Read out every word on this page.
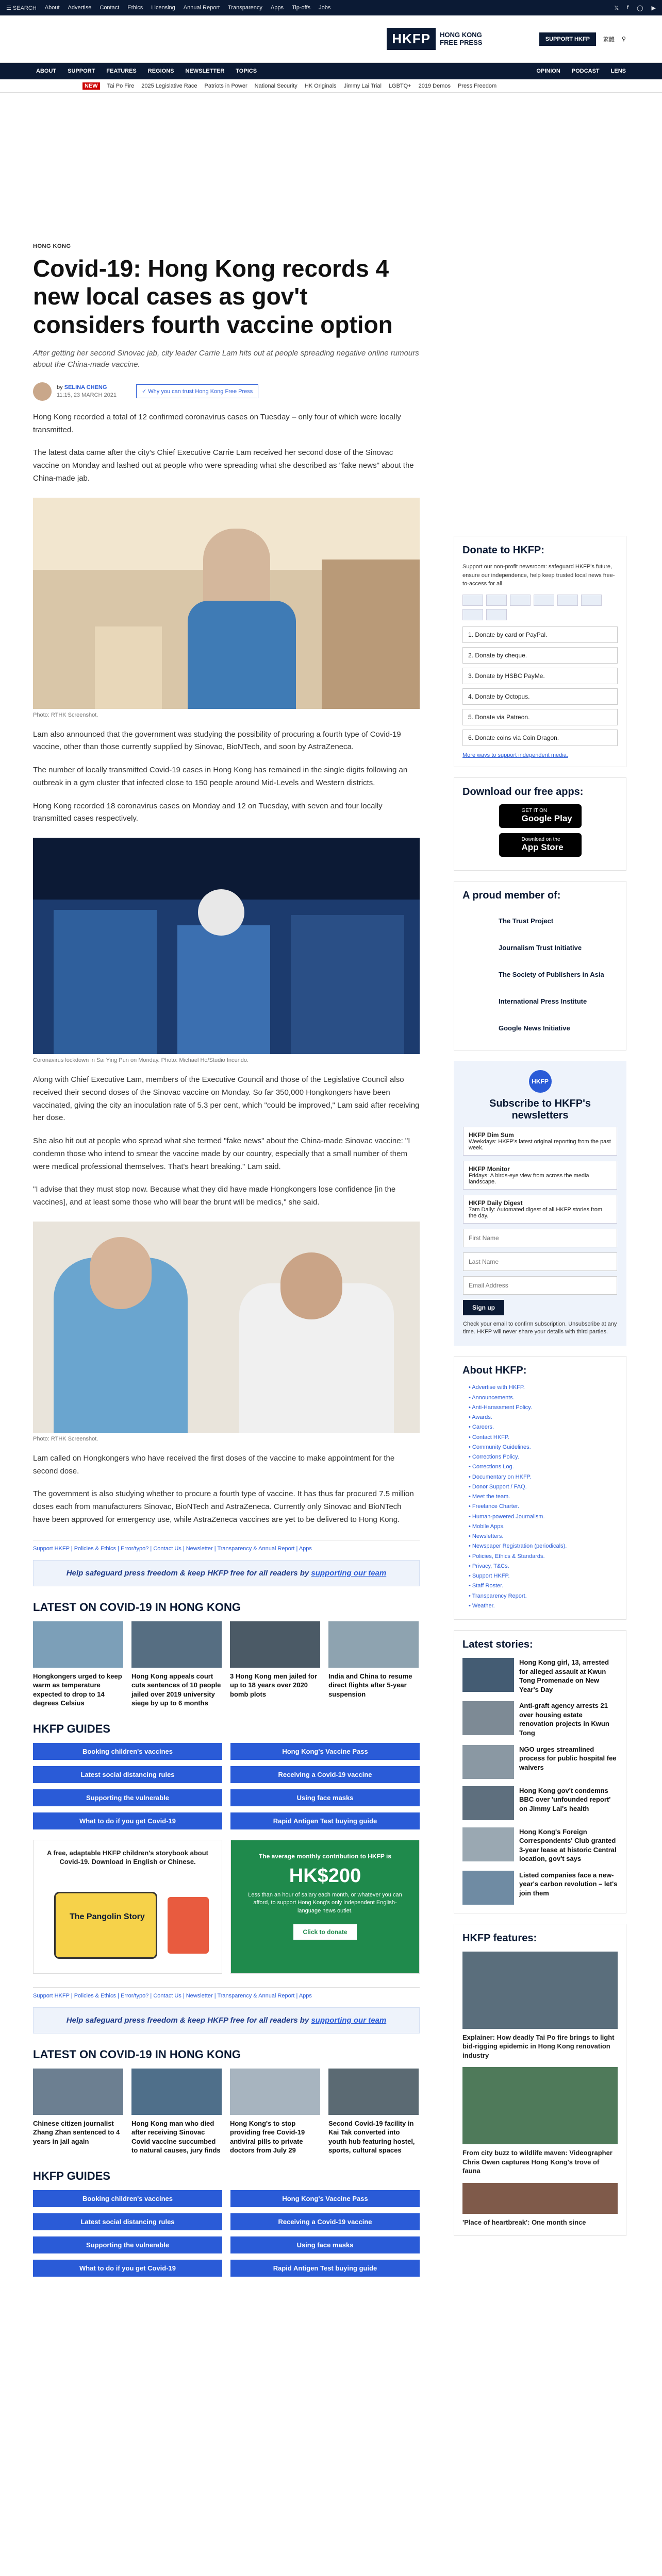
☰ SEARCH About Advertise Contact Ethics Licensing Annual Report Transparency Apps Tip-offs Jobs	𝕏 f ◯ ▶
HKFP	HONG KONG
FREE PRESS	SUPPORT HKFP	繁體 ⚲
ABOUT SUPPORT FEATURES REGIONS NEWSLETTER TOPICS	OPINION PODCAST LENS
NEW	Tai Po Fire 2025 Legislative Race Patriots in Power National Security HK Originals Jimmy Lai Trial LGBTQ+ 2019 Demos Press Freedom
HONG KONG
Covid-19: Hong Kong records 4 new local cases as gov't considers fourth vaccine option
After getting her second Sinovac jab, city leader Carrie Lam hits out at people spreading negative online rumours about the China-made vaccine.
by SELINA CHENG
11:15, 23 MARCH 2021
✓ Why you can trust Hong Kong Free Press

Hong Kong recorded a total of 12 confirmed coronavirus cases on Tuesday – only four of which were locally transmitted.

The latest data came after the city's Chief Executive Carrie Lam received her second dose of the Sinovac vaccine on Monday and lashed out at people who were spreading what she described as "fake news" about the China-made jab.

Photo: RTHK Screenshot.

Lam also announced that the government was studying the possibility of procuring a fourth type of Covid-19 vaccine, other than those currently supplied by Sinovac, BioNTech, and soon by AstraZeneca.

The number of locally transmitted Covid-19 cases in Hong Kong has remained in the single digits following an outbreak in a gym cluster that infected close to 150 people around Mid-Levels and Western districts.

Hong Kong recorded 18 coronavirus cases on Monday and 12 on Tuesday, with seven and four locally transmitted cases respectively.

Coronavirus lockdown in Sai Ying Pun on Monday. Photo: Michael Ho/Studio Incendo.

Along with Chief Executive Lam, members of the Executive Council and those of the Legislative Council also received their second doses of the Sinovac vaccine on Monday. So far 350,000 Hongkongers have been vaccinated, giving the city an inoculation rate of 5.3 per cent, which "could be improved," Lam said after receiving her dose.

She also hit out at people who spread what she termed "fake news" about the China-made Sinovac vaccine: "I condemn those who intend to smear the vaccine made by our country, especially that a small number of them were medical professional themselves. That's heart breaking." Lam said.

"I advise that they must stop now. Because what they did have made Hongkongers lose confidence [in the vaccines], and at least some those who will bear the brunt will be medics," she said.

Photo: RTHK Screenshot.

Lam called on Hongkongers who have received the first doses of the vaccine to make appointment for the second dose.

The government is also studying whether to procure a fourth type of vaccine. It has thus far procured 7.5 million doses each from manufacturers Sinovac, BioNTech and AstraZeneca. Currently only Sinovac and BioNTech have been approved for emergency use, while AstraZeneca vaccines are yet to be delivered to Hong Kong.

Support HKFP | Policies & Ethics | Error/typo? | Contact Us | Newsletter | Transparency & Annual Report | Apps
Help safeguard press freedom & keep HKFP free for all readers by supporting our team
LATEST ON COVID-19 IN HONG KONG
Hongkongers urged to keep warm as temperature expected to drop to 14 degrees Celsius
Hong Kong appeals court cuts sentences of 10 people jailed over 2019 university siege by up to 6 months
3 Hong Kong men jailed for up to 18 years over 2020 bomb plots
India and China to resume direct flights after 5-year suspension
HKFP GUIDES
Booking children's vaccines	Hong Kong's Vaccine Pass
Latest social distancing rules	Receiving a Covid-19 vaccine
Supporting the vulnerable	Using face masks
What to do if you get Covid-19	Rapid Antigen Test buying guide
A free, adaptable HKFP children's storybook about Covid-19. Download in English or Chinese.
The Pangolin Story
The average monthly contribution to HKFP is
HK$200
Less than an hour of salary each month, or whatever you can afford, to support Hong Kong's only independent English-language news outlet.
Click to donate
Support HKFP | Policies & Ethics | Error/typo? | Contact Us | Newsletter | Transparency & Annual Report | Apps
Help safeguard press freedom & keep HKFP free for all readers by supporting our team
LATEST ON COVID-19 IN HONG KONG
Chinese citizen journalist Zhang Zhan sentenced to 4 years in jail again
Hong Kong man who died after receiving Sinovac Covid vaccine succumbed to natural causes, jury finds
Hong Kong's to stop providing free Covid-19 antiviral pills to private doctors from July 29
Second Covid-19 facility in Kai Tak converted into youth hub featuring hostel, sports, cultural spaces
HKFP GUIDES
Booking children's vaccines	Hong Kong's Vaccine Pass
Latest social distancing rules	Receiving a Covid-19 vaccine
Supporting the vulnerable	Using face masks
What to do if you get Covid-19	Rapid Antigen Test buying guide
Donate to HKFP:
Support our non-profit newsroom: safeguard HKFP's future, ensure our independence, help keep trusted local news free-to-access for all.
1. Donate by card or PayPal.
2. Donate by cheque.
3. Donate by HSBC PayMe.
4. Donate by Octopus.
5. Donate via Patreon.
6. Donate coins via Coin Dragon.
More ways to support independent media.
Download our free apps:
GET IT ON
Google Play
Download on the
App Store
A proud member of:
The Trust Project
Journalism Trust Initiative
The Society of Publishers in Asia
International Press Institute
Google News Initiative
HKFP
Subscribe to HKFP's newsletters
HKFP Dim Sum
Weekdays: HKFP's latest original reporting from the past week.
HKFP Monitor
Fridays: A birds-eye view from across the media landscape.
HKFP Daily Digest
7am Daily: Automated digest of all HKFP stories from the day.
First Name
Last Name
Email Address
Sign up
Check your email to confirm subscription. Unsubscribe at any time. HKFP will never share your details with third parties.
About HKFP:
• Advertise with HKFP.
• Announcements.
• Anti-Harassment Policy.
• Awards.
• Careers.
• Contact HKFP.
• Community Guidelines.
• Corrections Policy.
• Corrections Log.
• Documentary on HKFP.
• Donor Support / FAQ.
• Meet the team.
• Freelance Charter.
• Human-powered Journalism.
• Mobile Apps.
• Newsletters.
• Newspaper Registration (periodicals).
• Policies, Ethics & Standards.
• Privacy, T&Cs.
• Support HKFP.
• Staff Roster.
• Transparency Report.
• Weather.
Latest stories:
Hong Kong girl, 13, arrested for alleged assault at Kwun Tong Promenade on New Year's Day
Anti-graft agency arrests 21 over housing estate renovation projects in Kwun Tong
NGO urges streamlined process for public hospital fee waivers
Hong Kong gov't condemns BBC over 'unfounded report' on Jimmy Lai's health
Hong Kong's Foreign Correspondents' Club granted 3-year lease at historic Central location, gov't says
Listed companies face a new-year's carbon revolution – let's join them
HKFP features:
Explainer: How deadly Tai Po fire brings to light bid-rigging epidemic in Hong Kong renovation industry
From city buzz to wildlife maven: Videographer Chris Owen captures Hong Kong's trove of fauna
'Place of heartbreak': One month since
